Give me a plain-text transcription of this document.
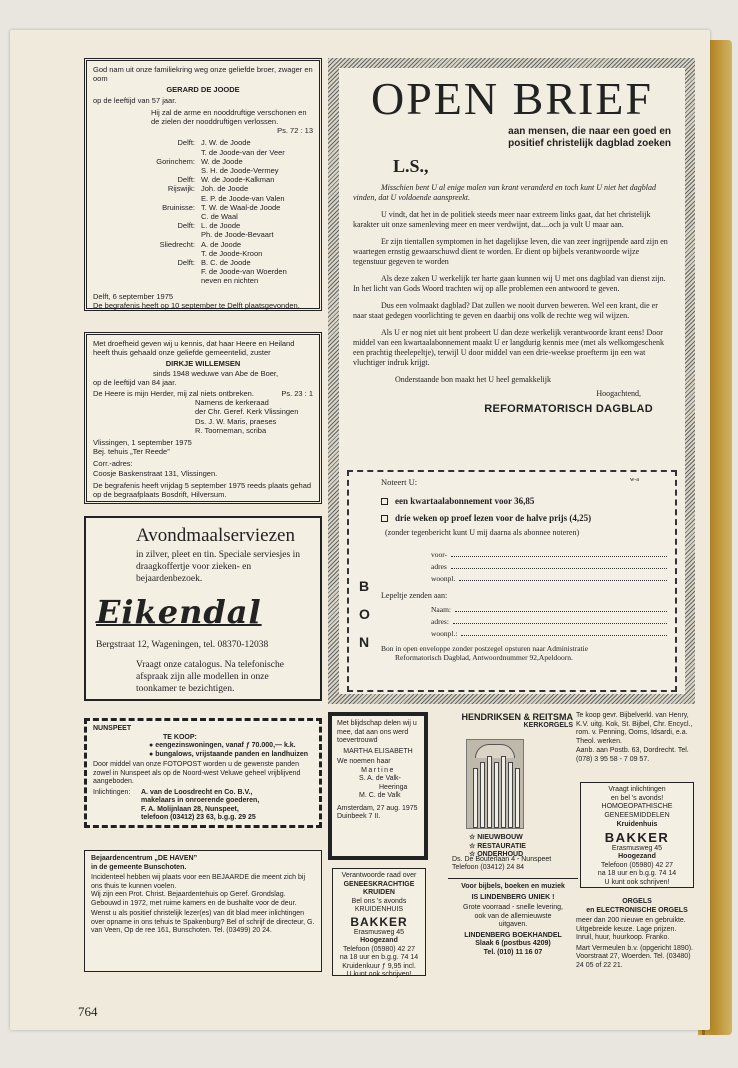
God nam uit onze familiekring weg onze geliefde broer, zwager en oom
GERARD DE JOODE
op de leeftijd van 57 jaar.
Hij zal de arme en nooddruftige verschonen en de zielen der nooddruftigen verlossen.
Ps. 72 : 13
Delft: J. W. de Joode
T. de Joode-van der Veer
Gorinchem: W. de Joode
S. H. de Joode-Vermey
Delft: W. de Joode-Kalkman
Rijswijk: Joh. de Joode
E. P. de Joode-van Valen
Bruinisse: T. W. de Waal-de Joode
C. de Waal
Delft: L. de Joode
Ph. de Joode-Bevaart
Sliedrecht: A. de Joode
T. de Joode-Kroon
Delft: B. C. de Joode
F. de Joode-van Woerden
neven en nichten
Delft, 6 september 1975
De begrafenis heeft op 10 september te Delft plaatsgevonden.
Met droefheid geven wij u kennis, dat haar Heere en Heiland heeft thuis gehaald onze geliefde gemeentelid, zuster
DIRKJE WILLEMSEN
sinds 1948 weduwe van Abe de Boer,
op de leeftijd van 84 jaar.
De Heere is mijn Herder, mij zal niets ontbreken.	Ps. 23 : 1
Namens de kerkeraad
der Chr. Geref. Kerk Vlissingen
Ds. J. W. Maris, praeses
R. Toorneman, scriba
Vlissingen, 1 september 1975
Bej. tehuis „Ter Reede”
Corr.-adres:
Coosje Baskenstraat 131, Vlissingen.
De begrafenis heeft vrijdag 5 september 1975 reeds plaats gehad op de begraafplaats Bosdrift, Hilversum.
Avondmaalserviezen
in zilver, pleet en tin. Speciale serviesjes in draagkoffertje voor zieken- en bejaardenbezoek.
Eikendal
Bergstraat 12, Wageningen, tel. 08370-12038
Vraagt onze catalogus. Na telefonische afspraak zijn alle modellen in onze toonkamer te bezichtigen.
NUNSPEET
TE KOOP:
● eengezinswoningen, vanaf ƒ 70.000,— k.k.
● bungalows, vrijstaande panden en landhuizen
Door middel van onze FOTOPOST worden u de gewenste panden zowel in Nunspeet als op de Noord-west Veluwe geheel vrijblijvend aangeboden.
Inlichtingen:	A. van de Loosdrecht en Co. B.V.,
makelaars in onroerende goederen,
F. A. Molijnlaan 28, Nunspeet,
telefoon (03412) 23 63, b.g.g. 29 25
Bejaardencentrum „DE HAVEN”
in de gemeente Bunschoten.
Incidenteel hebben wij plaats voor een BEJAARDE die meent zich bij ons thuis te kunnen voelen.
Wij zijn een Prot. Christ. Bejaardentehuis op Geref. Grondslag. Gebouwd in 1972, met ruime kamers en de bushalte voor de deur.
Wenst u als positief christelijk lezer(es) van dit blad meer inlichtingen over opname in ons tehuis te Spakenburg? Bel of schrijf de directeur, G. van Veen, Op de ree 161, Bunschoten. Tel. (03499) 20 24.
764
OPEN BRIEF
aan mensen, die naar een goed en
positief christelijk dagblad zoeken
L.S.,

Misschien bent U al enige malen van krant veranderd en toch kunt U niet het dagblad vinden, dat U voldoende aanspreekt.

U vindt, dat het in de politiek steeds meer naar extreem links gaat, dat het christelijk karakter uit onze samenleving meer en meer verdwijnt, dat....och ja vult U maar aan.

Er zijn tientallen symptomen in het dagelijkse leven, die van zeer ingrijpende aard zijn en waartegen ernstig gewaarschuwd dient te worden. Er dient op bijbels verantwoorde wijze tegenstuur gegeven te worden

Als deze zaken U werkelijk ter harte gaan kunnen wij U met ons dagblad van dienst zijn. In het licht van Gods Woord trachten wij op alle problemen een antwoord te geven.

Dus een volmaakt dagblad? Dat zullen we nooit durven beweren. Wel een krant, die er naar staat gedegen voorlichting te geven en daarbij ons volk de rechte weg wil wijzen.

Als U er nog niet uit bent probeert U dan deze werkelijk verantwoorde krant eens! Door middel van een kwartaalabonnement maakt U er langdurig kennis mee (met als welkomgeschenk een prachtig theelepeltje), terwijl U door middel van een drie-weekse proefterm ijn een wat vluchtiger indruk krijgt.

Onderstaande bon maakt het U heel gemakkelijk

Hoogachtend,

REFORMATORISCH DAGBLAD
B
O
N
Noteert U:	w-a
een kwartaalabonnement voor 36,85
drie weken op proef lezen voor de halve prijs (4,25)
(zonder tegenbericht kunt U mij daarna als abonnee noteren)
voor-
adres
woonpl.
Lepeltje zenden aan:
Naam:
adres:
woonpl.:
Bon in open enveloppe zonder postzegel opsturen naar Administratie
Reformatorisch Dagblad, Antwoordnummer 92,Apeldoorn.
Met blijdschap delen wij u mee, dat aan ons werd toevertrouwd
MARTHA ELISABETH
We noemen haar
Martine
S. A. de Valk-
Heeringa
M. C. de Valk
Amsterdam, 27 aug. 1975
Duinbeek 7 II.
Verantwoorde raad over
GENEESKRACHTIGE
KRUIDEN
Bel ons 's avonds
KRUIDENHUIS
BAKKER
Erasmusweg 45
Hoogezand
Telefoon (05980) 42 27
na 18 uur en b.g.g. 74 14
Kruidenkuur ƒ 9,95 incl.
U kunt ook schrijven!
HENDRIKSEN & REITSMA
KERKORGELS
☆ NIEUWBOUW
☆ RESTAURATIE
☆ ONDERHOUD
Ds. De Bouterlaan 4 - Nunspeet
Telefoon (03412) 24 84
Voor bijbels, boeken en muziek
IS LINDENBERG UNIEK !
Grote voorraad - snelle levering,
ook van de allernieuwste
uitgaven.
LINDENBERG BOEKHANDEL
Slaak 6 (postbus 4209)
Tel. (010) 11 16 07
Te koop gevr. Bijbelverkl. van Henry, K.V. uitg. Kok, St. Bijbel, Chr. Encycl., rom. v. Penning, Ooms, Idsardi, e.a. Theol. werken.
Aanb. aan Postb. 63, Dordrecht. Tel. (078) 3 95 58 - 7 09 57.
Vraagt inlichtingen
en bel 's avonds!
HOMOEOPATHISCHE
GENEESMIDDELEN
Kruidenhuis
BAKKER
Erasmusweg 45
Hoogezand
Telefoon (05980) 42 27
na 18 uur en b.g.g. 74 14
U kunt ook schrijven!
ORGELS
en ELECTRONISCHE ORGELS
meer dan 200 nieuwe en gebruikte. Uitgebreide keuze. Lage prijzen.
Inruil, huur, huurkoop. Franko.
Mart Vermeulen b.v. (opgericht 1890). Voorstraat 27, Woerden. Tel. (03480) 24 05 of 22 21.
